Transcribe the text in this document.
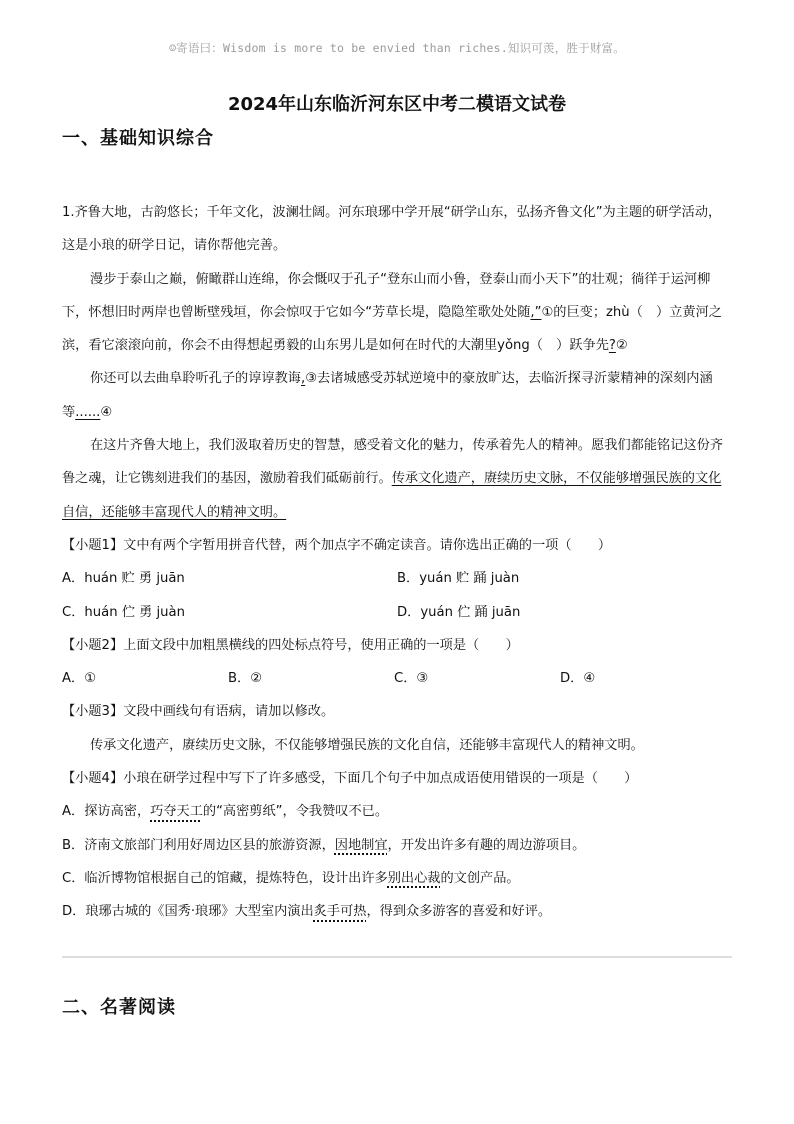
☺寄语曰：Wisdom is more to be envied than riches.知识可羡，胜于财富。
2024年山东临沂河东区中考二模语文试卷
一、基础知识综合

1.齐鲁大地，古韵悠长；千年文化，波澜壮阔。河东琅琊中学开展“研学山东，弘扬齐鲁文化”为主题的研学活动，这是小琅的研学日记，请你帮他完善。

漫步于泰山之巅，俯瞰群山连绵，你会慨叹于孔子“登东山而小鲁，登泰山而小天下”的壮观；徜徉于运河柳下，怀想旧时两岸也曾断壁残垣，你会惊叹于它如今“芳草长堤，隐隐笙歌处处随,”①的巨变；zhù（　）立黄河之滨，看它滚滚向前，你会不由得想起勇毅的山东男儿是如何在时代的大潮里yǒng（　）跃争先?②

你还可以去曲阜聆听孔子的谆谆教诲,③去诸城感受苏轼逆境中的豪放旷达，去临沂探寻沂蒙精神的深刻内涵等......④

在这片齐鲁大地上，我们汲取着历史的智慧，感受着文化的魅力，传承着先人的精神。愿我们都能铭记这份齐鲁之魂，让它镌刻进我们的基因，激励着我们砥砺前行。传承文化遗产，赓续历史文脉，不仅能够增强民族的文化自信，还能够丰富现代人的精神文明。

【小题1】文中有两个字暂用拼音代替，两个加点字不确定读音。请你选出正确的一项（　　）

A．huán 贮 勇 juān	B．yuán 贮 踊 juàn
C．huán 伫 勇 juàn	D．yuán 伫 踊 juān

【小题2】上面文段中加粗黑横线的四处标点符号，使用正确的一项是（　　）

A．①	B．②	C．③	D．④

【小题3】文段中画线句有语病，请加以修改。

传承文化遗产，赓续历史文脉，不仅能够增强民族的文化自信，还能够丰富现代人的精神文明。

【小题4】小琅在研学过程中写下了许多感受，下面几个句子中加点成语使用错误的一项是（　　）

A．探访高密，巧夺天工的“高密剪纸”，令我赞叹不已。

B．济南文旅部门利用好周边区县的旅游资源，因地制宜，开发出许多有趣的周边游项目。

C．临沂博物馆根据自己的馆藏，提炼特色，设计出许多别出心裁的文创产品。

D．琅琊古城的《国秀·琅琊》大型室内演出炙手可热，得到众多游客的喜爱和好评。

二、名著阅读
